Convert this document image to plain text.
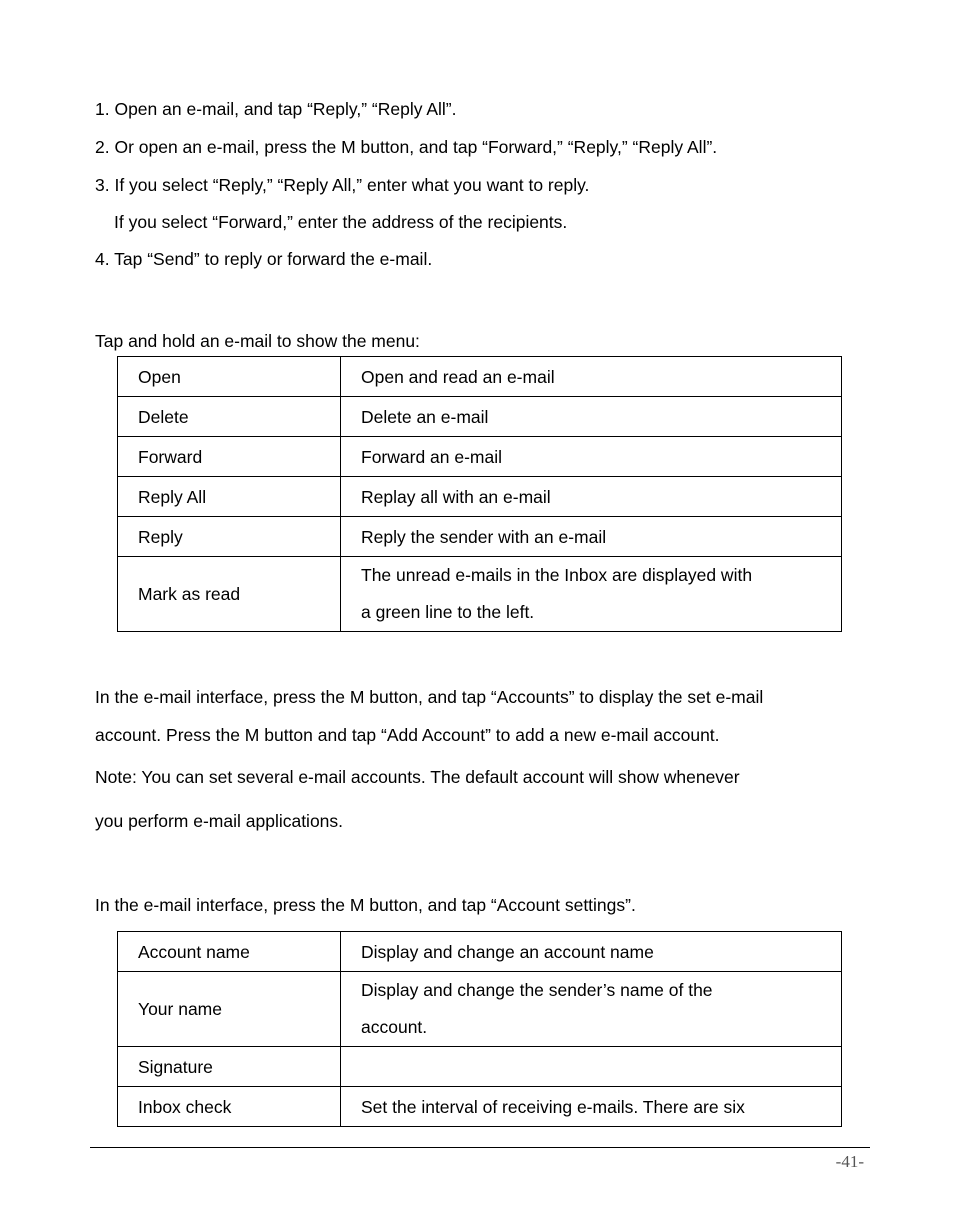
1. Open an e-mail, and tap “Reply,” “Reply All”.
2. Or open an e-mail, press the M button, and tap “Forward,” “Reply,” “Reply All”.
3. If you select “Reply,” “Reply All,” enter what you want to reply.
If you select “Forward,” enter the address of the recipients.
4. Tap “Send” to reply or forward the e-mail.
Tap and hold an e-mail to show the menu:
Open	Open and read an e-mail
Delete	Delete an e-mail
Forward	Forward an e-mail
Reply All	Replay all with an e-mail
Reply	Reply the sender with an e-mail
Mark as read	The unread e-mails in the Inbox are displayed with
a green line to the left.
In the e-mail interface, press the M button, and tap “Accounts” to display the set e-mail
account. Press the M button and tap “Add Account” to add a new e-mail account.
Note: You can set several e-mail accounts. The default account will show whenever
you perform e-mail applications.
In the e-mail interface, press the M button, and tap “Account settings”.
Account name	Display and change an account name
Your name	Display and change the sender’s name of the
account.

Signature	
Inbox check	Set the interval of receiving e-mails. There are six
-41-
